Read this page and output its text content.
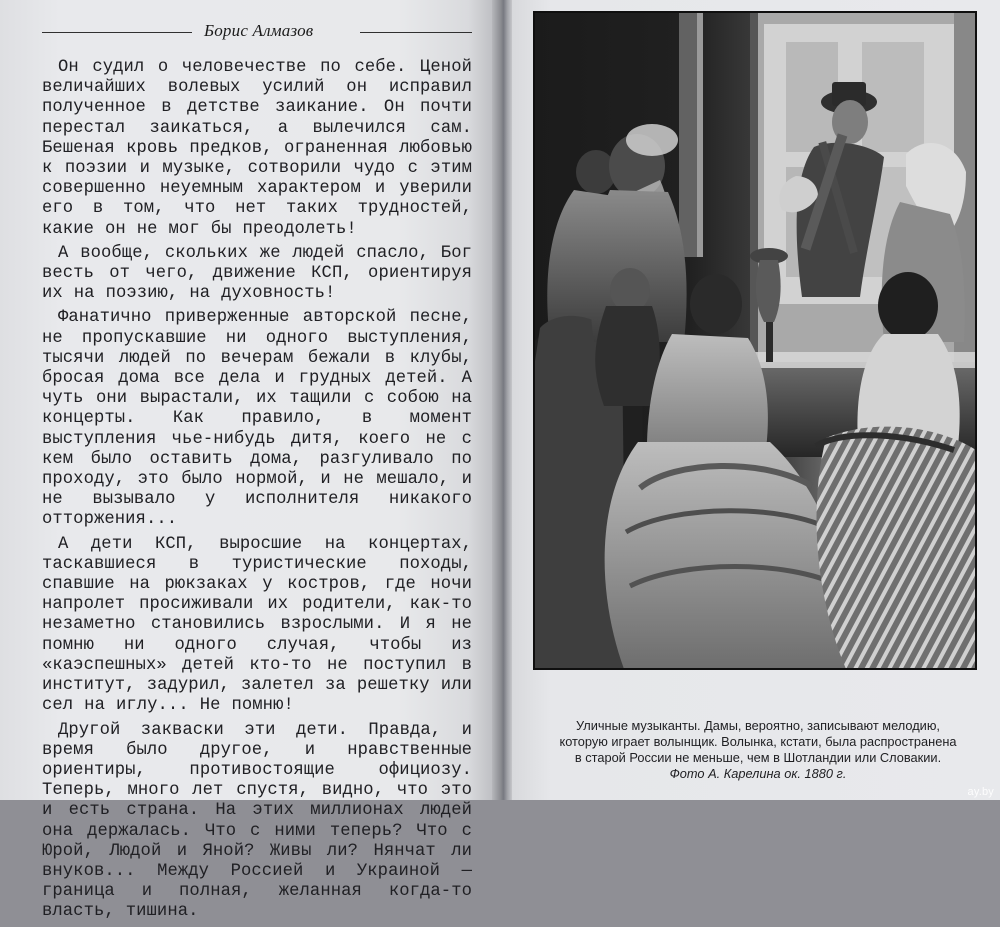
Борис Алмазов

Он судил о человечестве по себе. Ценой величайших волевых усилий он исправил полученное в детстве заикание. Он почти перестал заикаться, а вылечился сам. Бешеная кровь предков, ограненная любовью к поэзии и музыке, сотворили чудо с этим совершенно неуемным характером и уверили его в том, что нет таких трудностей, какие он не мог бы преодолеть!

А вообще, скольких же людей спасло, Бог весть от чего, движение КСП, ориентируя их на поэзию, на духовность!

Фанатично приверженные авторской песне, не пропускавшие ни одного выступления, тысячи людей по вечерам бежали в клубы, бросая дома все дела и грудных детей. А чуть они вырастали, их тащили с собою на концерты. Как правило, в момент выступления чье-нибудь дитя, коего не с кем было оставить дома, разгуливало по проходу, это было нормой, и не мешало, и не вызывало у исполнителя никакого отторжения...

А дети КСП, выросшие на концертах, таскавшиеся в туристические походы, спавшие на рюкзаках у костров, где ночи напролет просиживали их родители, как-то незаметно становились взрослыми. И я не помню ни одного случая, чтобы из «каэспешных» детей кто-то не поступил в институт, задурил, залетел за решетку или сел на иглу... Не помню!

Другой закваски эти дети. Правда, и время было другое, и нравственные ориентиры, противостоящие официозу. Теперь, много лет спустя, видно, что это и есть страна. На этих миллионах людей она держалась. Что с ними теперь? Что с Юрой, Людой и Яной? Живы ли? Нянчат ли внуков... Между Россией и Украиной — граница и полная, желанная когда-то власть, тишина.

Уличные музыканты. Дамы, вероятно, записывают мелодию,
которую играет волынщик. Волынка, кстати, была распространена
в старой России не меньше, чем в Шотландии или Словакии.
Фото А. Карелина ок. 1880 г.
ay.by
